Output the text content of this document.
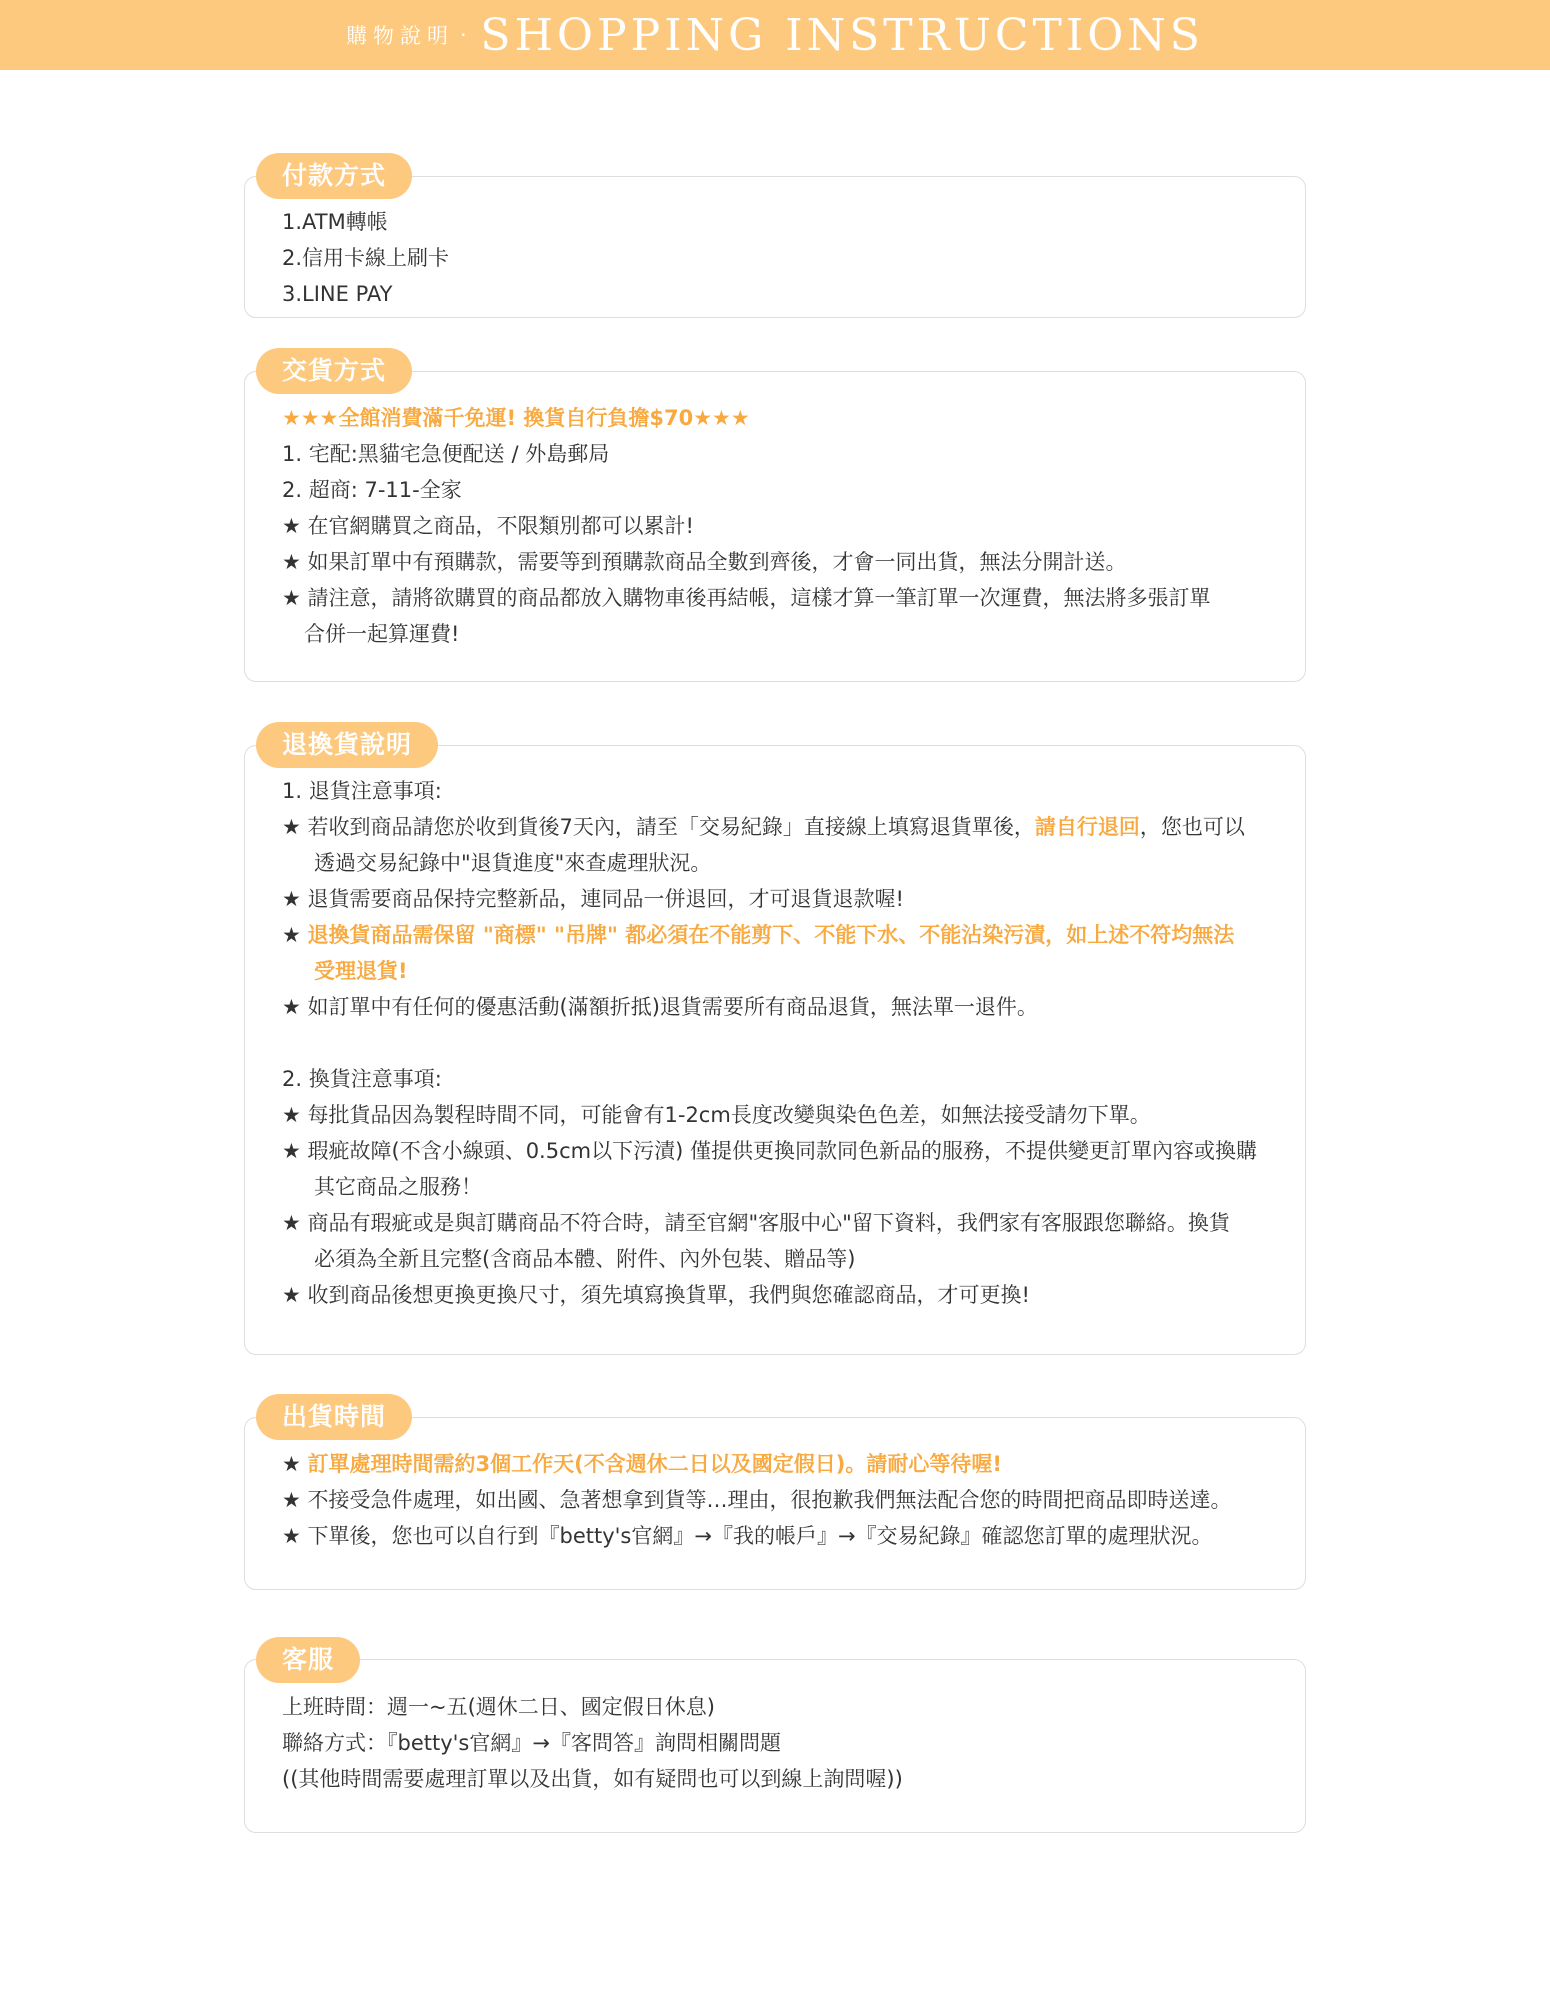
購物說明 · SHOPPING INSTRUCTIONS
付款方式

1.ATM轉帳

2.信用卡線上刷卡

3.LINE PAY

交貨方式

★★★全館消費滿千免運! 換貨自行負擔$70★★★

1. 宅配:黑貓宅急便配送 / 外島郵局

2. 超商: 7-11-全家

★ 在官網購買之商品，不限類別都可以累計!

★ 如果訂單中有預購款，需要等到預購款商品全數到齊後，才會一同出貨，無法分開計送。

★ 請注意，請將欲購買的商品都放入購物車後再結帳，這樣才算一筆訂單一次運費，無法將多張訂單

合併一起算運費!

退換貨說明

1. 退貨注意事項:

★ 若收到商品請您於收到貨後7天內，請至「交易紀錄」直接線上填寫退貨單後，請自行退回，您也可以

透過交易紀錄中"退貨進度"來查處理狀況。

★ 退貨需要商品保持完整新品，連同品一併退回，才可退貨退款喔!

★ 退換貨商品需保留 "商標" "吊牌" 都必須在不能剪下、不能下水、不能沾染污漬，如上述不符均無法

受理退貨!

★ 如訂單中有任何的優惠活動(滿額折抵)退貨需要所有商品退貨，無法單一退件。

2. 換貨注意事項:

★ 每批貨品因為製程時間不同，可能會有1-2cm長度改變與染色色差，如無法接受請勿下單。

★ 瑕疵故障(不含小線頭、0.5cm以下污漬) 僅提供更換同款同色新品的服務，不提供變更訂單內容或換購

其它商品之服務！

★ 商品有瑕疵或是與訂購商品不符合時，請至官網"客服中心"留下資料，我們家有客服跟您聯絡。換貨

必須為全新且完整(含商品本體、附件、內外包裝、贈品等)

★ 收到商品後想更換更換尺寸，須先填寫換貨單，我們與您確認商品，才可更換!

出貨時間

★ 訂單處理時間需約3個工作天(不含週休二日以及國定假日)。請耐心等待喔!

★ 不接受急件處理，如出國、急著想拿到貨等…理由，很抱歉我們無法配合您的時間把商品即時送達。

★ 下單後，您也可以自行到『betty's官網』→『我的帳戶』→『交易紀錄』確認您訂單的處理狀況。

客服

上班時間：週一~五(週休二日、國定假日休息)

聯絡方式：『betty's官網』→『客問答』詢問相關問題

((其他時間需要處理訂單以及出貨，如有疑問也可以到線上詢問喔))
